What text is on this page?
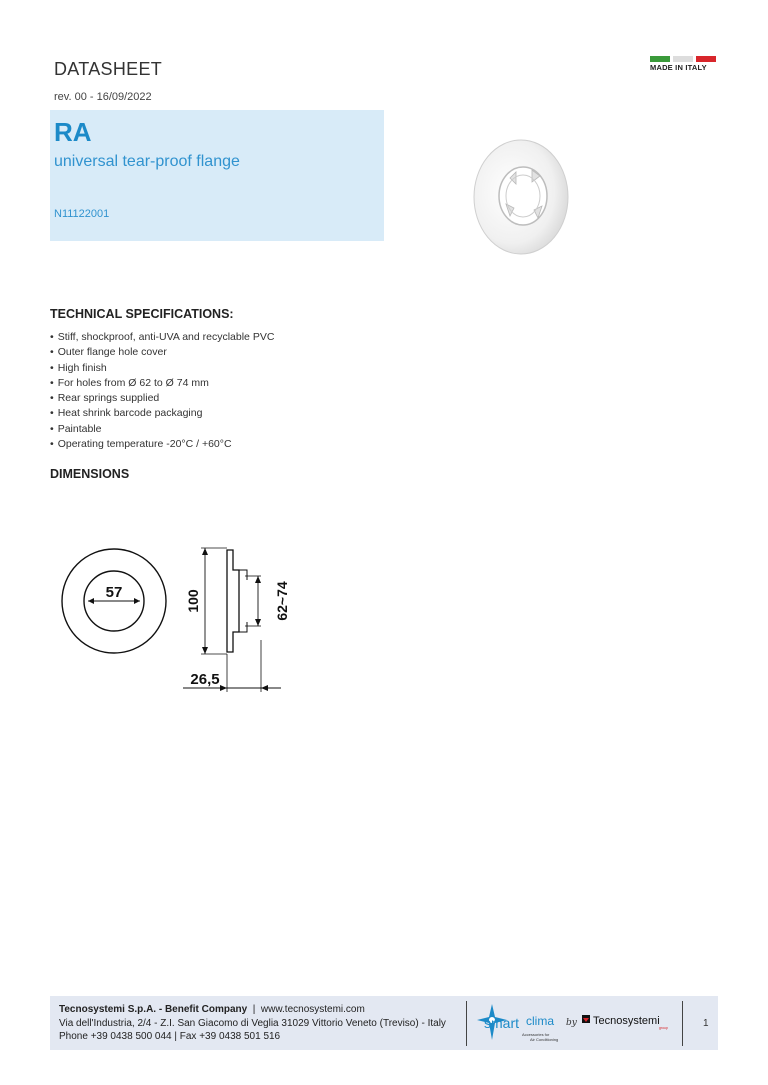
DATASHEET
rev. 00 - 16/09/2022
MADE IN ITALY
RA
universal tear-proof flange
N11122001
TECHNICAL SPECIFICATIONS:
• Stiff, shockproof, anti-UVA and recyclable PVC
• Outer flange hole cover
• High finish
• For holes from Ø 62 to Ø 74 mm
• Rear springs supplied
• Heat shrink barcode packaging
• Paintable
• Operating temperature -20°C / +60°C
DIMENSIONS
57	100	62~74
26,5
Tecnosystemi S.p.A. - Benefit Company  |  www.tecnosystemi.com
Via dell'Industria, 2/4 - Z.I. San Giacomo di Veglia 31029 Vittorio Veneto (Treviso) - Italy
Phone +39 0438 500 044 | Fax +39 0438 501 516
smart clima
Accessories for
Air Conditioning
by Tecnosystemi
group	1
